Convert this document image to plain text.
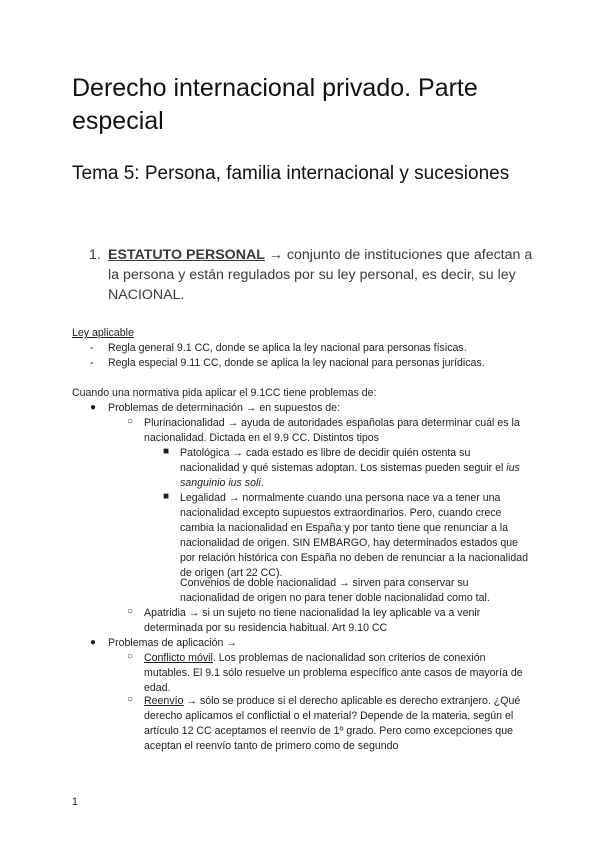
Derecho internacional privado. Parte especial
Tema 5: Persona, familia internacional y sucesiones
1. ESTATUTO PERSONAL → conjunto de instituciones que afectan a la persona y están regulados por su ley personal, es decir, su ley NACIONAL.
Ley aplicable
- Regla general 9.1 CC, donde se aplica la ley nacional para personas físicas.
- Regla especial 9.11 CC, donde se aplica la ley nacional para personas jurídicas.
Cuando una normativa pida aplicar el 9.1CC tiene problemas de:
● Problemas de determinación → en supuestos de:
○ Plurinacionalidad → ayuda de autoridades españolas para determinar cuál es la nacionalidad. Dictada en el 9.9 CC. Distintos tipos
■ Patológica → cada estado es libre de decidir quién ostenta su nacionalidad y qué sistemas adoptan. Los sistemas pueden seguir el ius sanguinio ius soli.
■ Legalidad → normalmente cuando una persona nace va a tener una nacionalidad excepto supuestos extraordinarios. Pero, cuando crece cambia la nacionalidad en España y por tanto tiene que renunciar a la nacionalidad de origen. SIN EMBARGO, hay determinados estados que por relación histórica con España no deben de renunciar a la nacionalidad de origen (art 22 CC).
Convenios de doble nacionalidad → sirven para conservar su nacionalidad de origen no para tener doble nacionalidad como tal.
○ Apatridia → si un sujeto no tiene nacionalidad la ley aplicable va a venir determinada por su residencia habitual. Art 9.10 CC
● Problemas de aplicación →
○ Conflicto móvil. Los problemas de nacionalidad son criterios de conexión mutables. El 9.1 sólo resuelve un problema específico ante casos de mayoría de edad.
○ Reenvío → sólo se produce si el derecho aplicable es derecho extranjero. ¿Qué derecho aplicamos el conflictial o el material? Depende de la materia, según el artículo 12 CC aceptamos el reenvío de 1º grado. Pero como excepciones que aceptan el reenvío tanto de primero como de segundo
1
